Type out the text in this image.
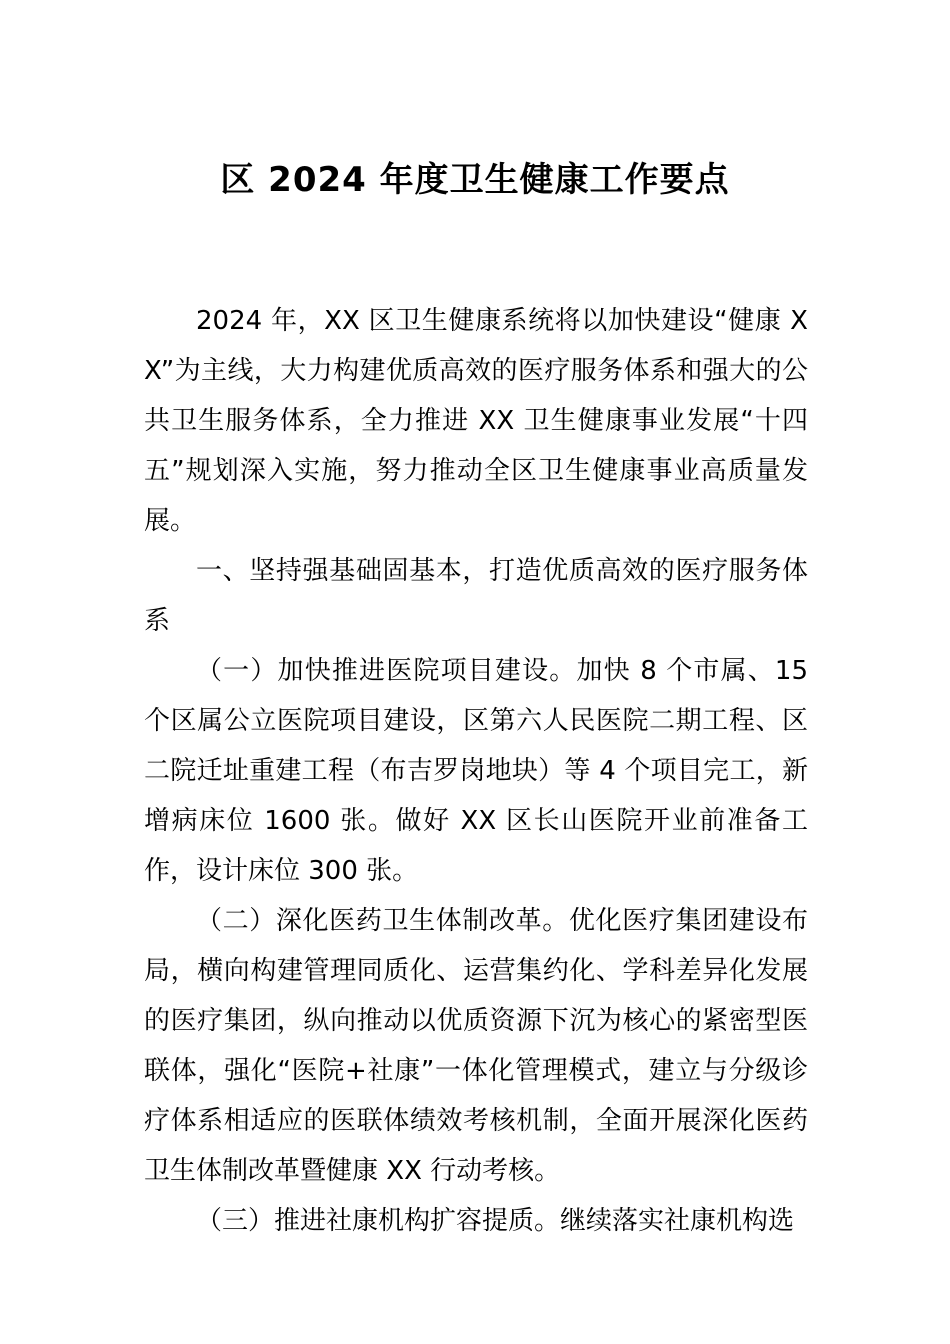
区 2024 年度卫生健康工作要点

2024 年，XX 区卫生健康系统将以加快建设“健康 XX”为主线，大力构建优质高效的医疗服务体系和强大的公共卫生服务体系，全力推进 XX 卫生健康事业发展“十四五”规划深入实施，努力推动全区卫生健康事业高质量发展。

一、坚持强基础固基本，打造优质高效的医疗服务体系

（一）加快推进医院项目建设。加快 8 个市属、15 个区属公立医院项目建设，区第六人民医院二期工程、区二院迁址重建工程（布吉罗岗地块）等 4 个项目完工，新增病床位 1600 张。做好 XX 区长山医院开业前准备工作，设计床位 300 张。

（二）深化医药卫生体制改革。优化医疗集团建设布局，横向构建管理同质化、运营集约化、学科差异化发展的医疗集团，纵向推动以优质资源下沉为核心的紧密型医联体，强化“医院+社康”一体化管理模式，建立与分级诊疗体系相适应的医联体绩效考核机制，全面开展深化医药卫生体制改革暨健康 XX 行动考核。

（三）推进社康机构扩容提质。继续落实社康机构选
